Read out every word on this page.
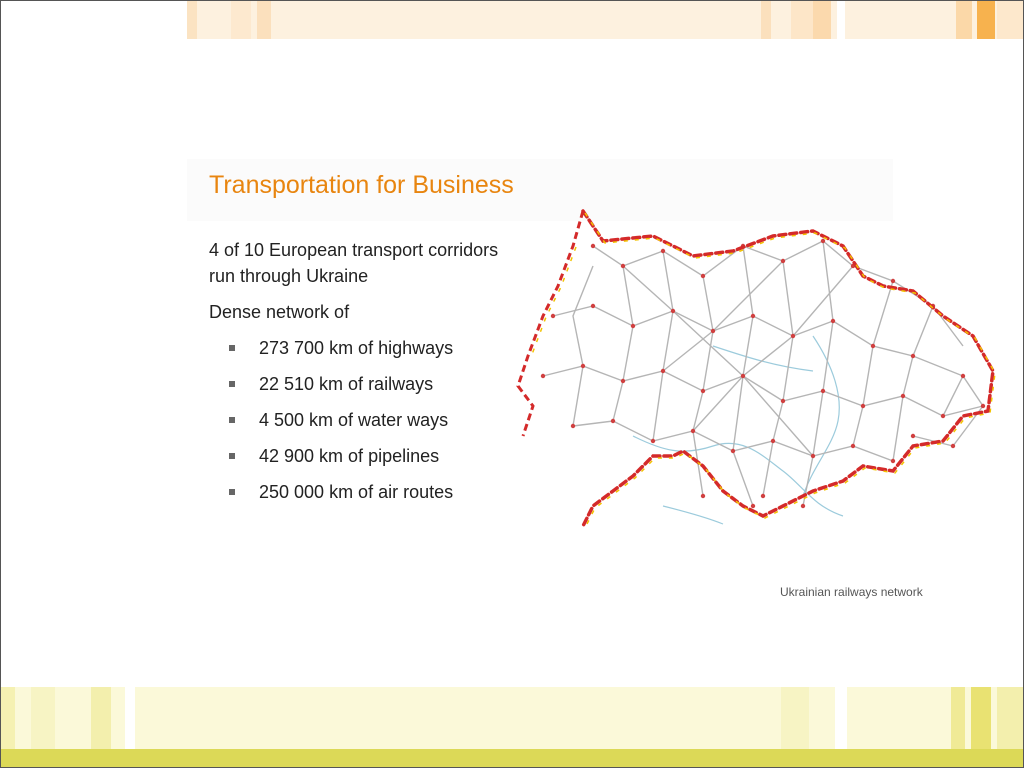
Transportation for Business
4 of 10 European transport corridors run through Ukraine
Dense network of
273 700 km of highways
22 510 km of railways
4 500 km of water ways
42 900 km of pipelines
250 000 km of air routes
Ukrainian railways network
